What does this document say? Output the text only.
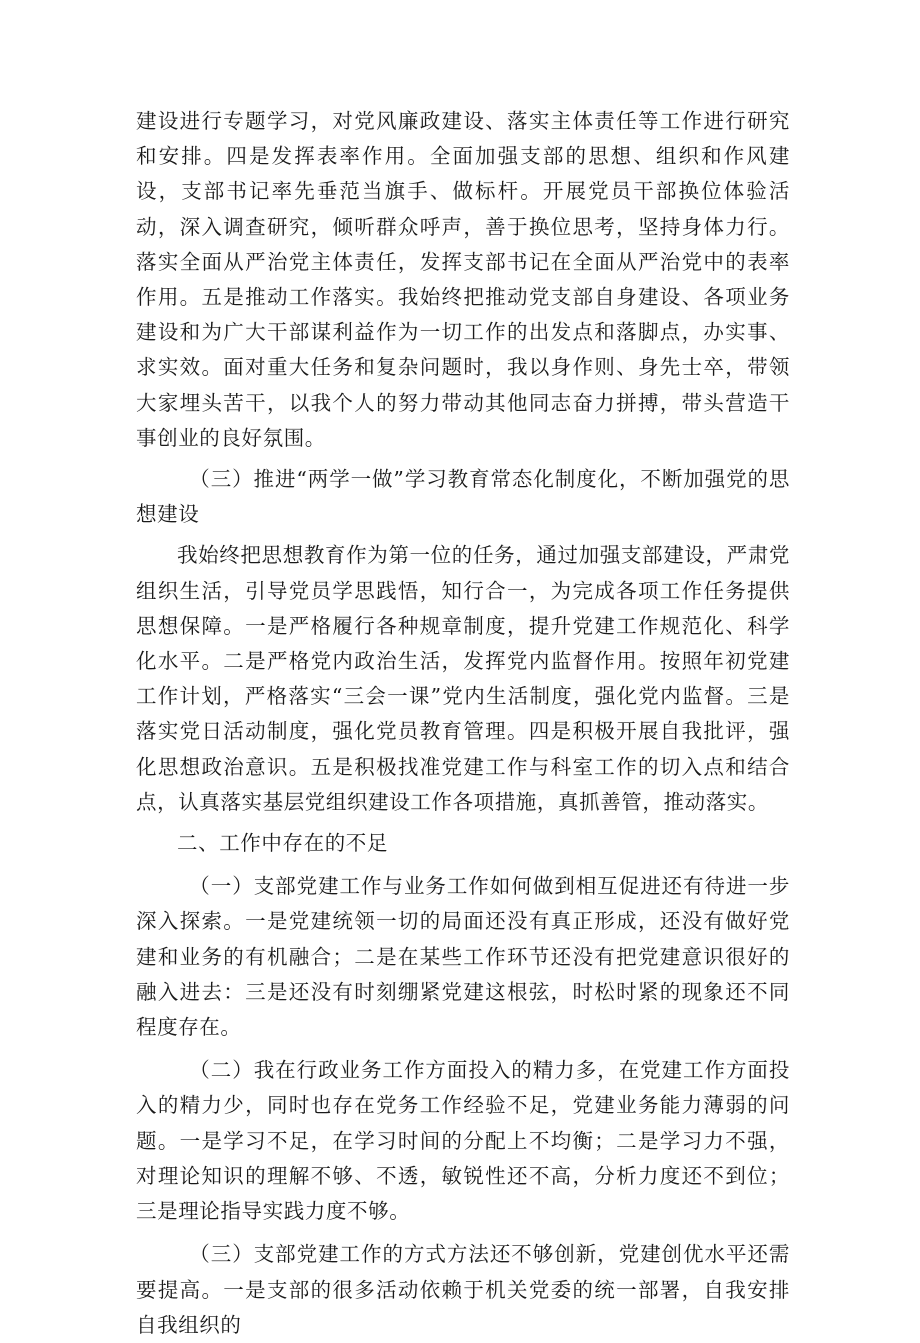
建设进行专题学习，对党风廉政建设、落实主体责任等工作进行研究和安排。四是发挥表率作用。全面加强支部的思想、组织和作风建设，支部书记率先垂范当旗手、做标杆。开展党员干部换位体验活动，深入调查研究，倾听群众呼声，善于换位思考，坚持身体力行。落实全面从严治党主体责任，发挥支部书记在全面从严治党中的表率作用。五是推动工作落实。我始终把推动党支部自身建设、各项业务建设和为广大干部谋利益作为一切工作的出发点和落脚点，办实事、求实效。面对重大任务和复杂问题时，我以身作则、身先士卒，带领大家埋头苦干，以我个人的努力带动其他同志奋力拼搏，带头营造干事创业的良好氛围。

（三）推进“两学一做”学习教育常态化制度化，不断加强党的思想建设

我始终把思想教育作为第一位的任务，通过加强支部建设，严肃党组织生活，引导党员学思践悟，知行合一，为完成各项工作任务提供思想保障。一是严格履行各种规章制度，提升党建工作规范化、科学化水平。二是严格党内政治生活，发挥党内监督作用。按照年初党建工作计划，严格落实“三会一课”党内生活制度，强化党内监督。三是落实党日活动制度，强化党员教育管理。四是积极开展自我批评，强化思想政治意识。五是积极找准党建工作与科室工作的切入点和结合点，认真落实基层党组织建设工作各项措施，真抓善管，推动落实。

二、工作中存在的不足

（一）支部党建工作与业务工作如何做到相互促进还有待进一步深入探索。一是党建统领一切的局面还没有真正形成，还没有做好党建和业务的有机融合；二是在某些工作环节还没有把党建意识很好的融入进去：三是还没有时刻绷紧党建这根弦，时松时紧的现象还不同程度存在。

（二）我在行政业务工作方面投入的精力多，在党建工作方面投入的精力少，同时也存在党务工作经验不足，党建业务能力薄弱的问题。一是学习不足，在学习时间的分配上不均衡；二是学习力不强，对理论知识的理解不够、不透，敏锐性还不高，分析力度还不到位；三是理论指导实践力度不够。

（三）支部党建工作的方式方法还不够创新，党建创优水平还需要提高。一是支部的很多活动依赖于机关党委的统一部署，自我安排自我组织的
